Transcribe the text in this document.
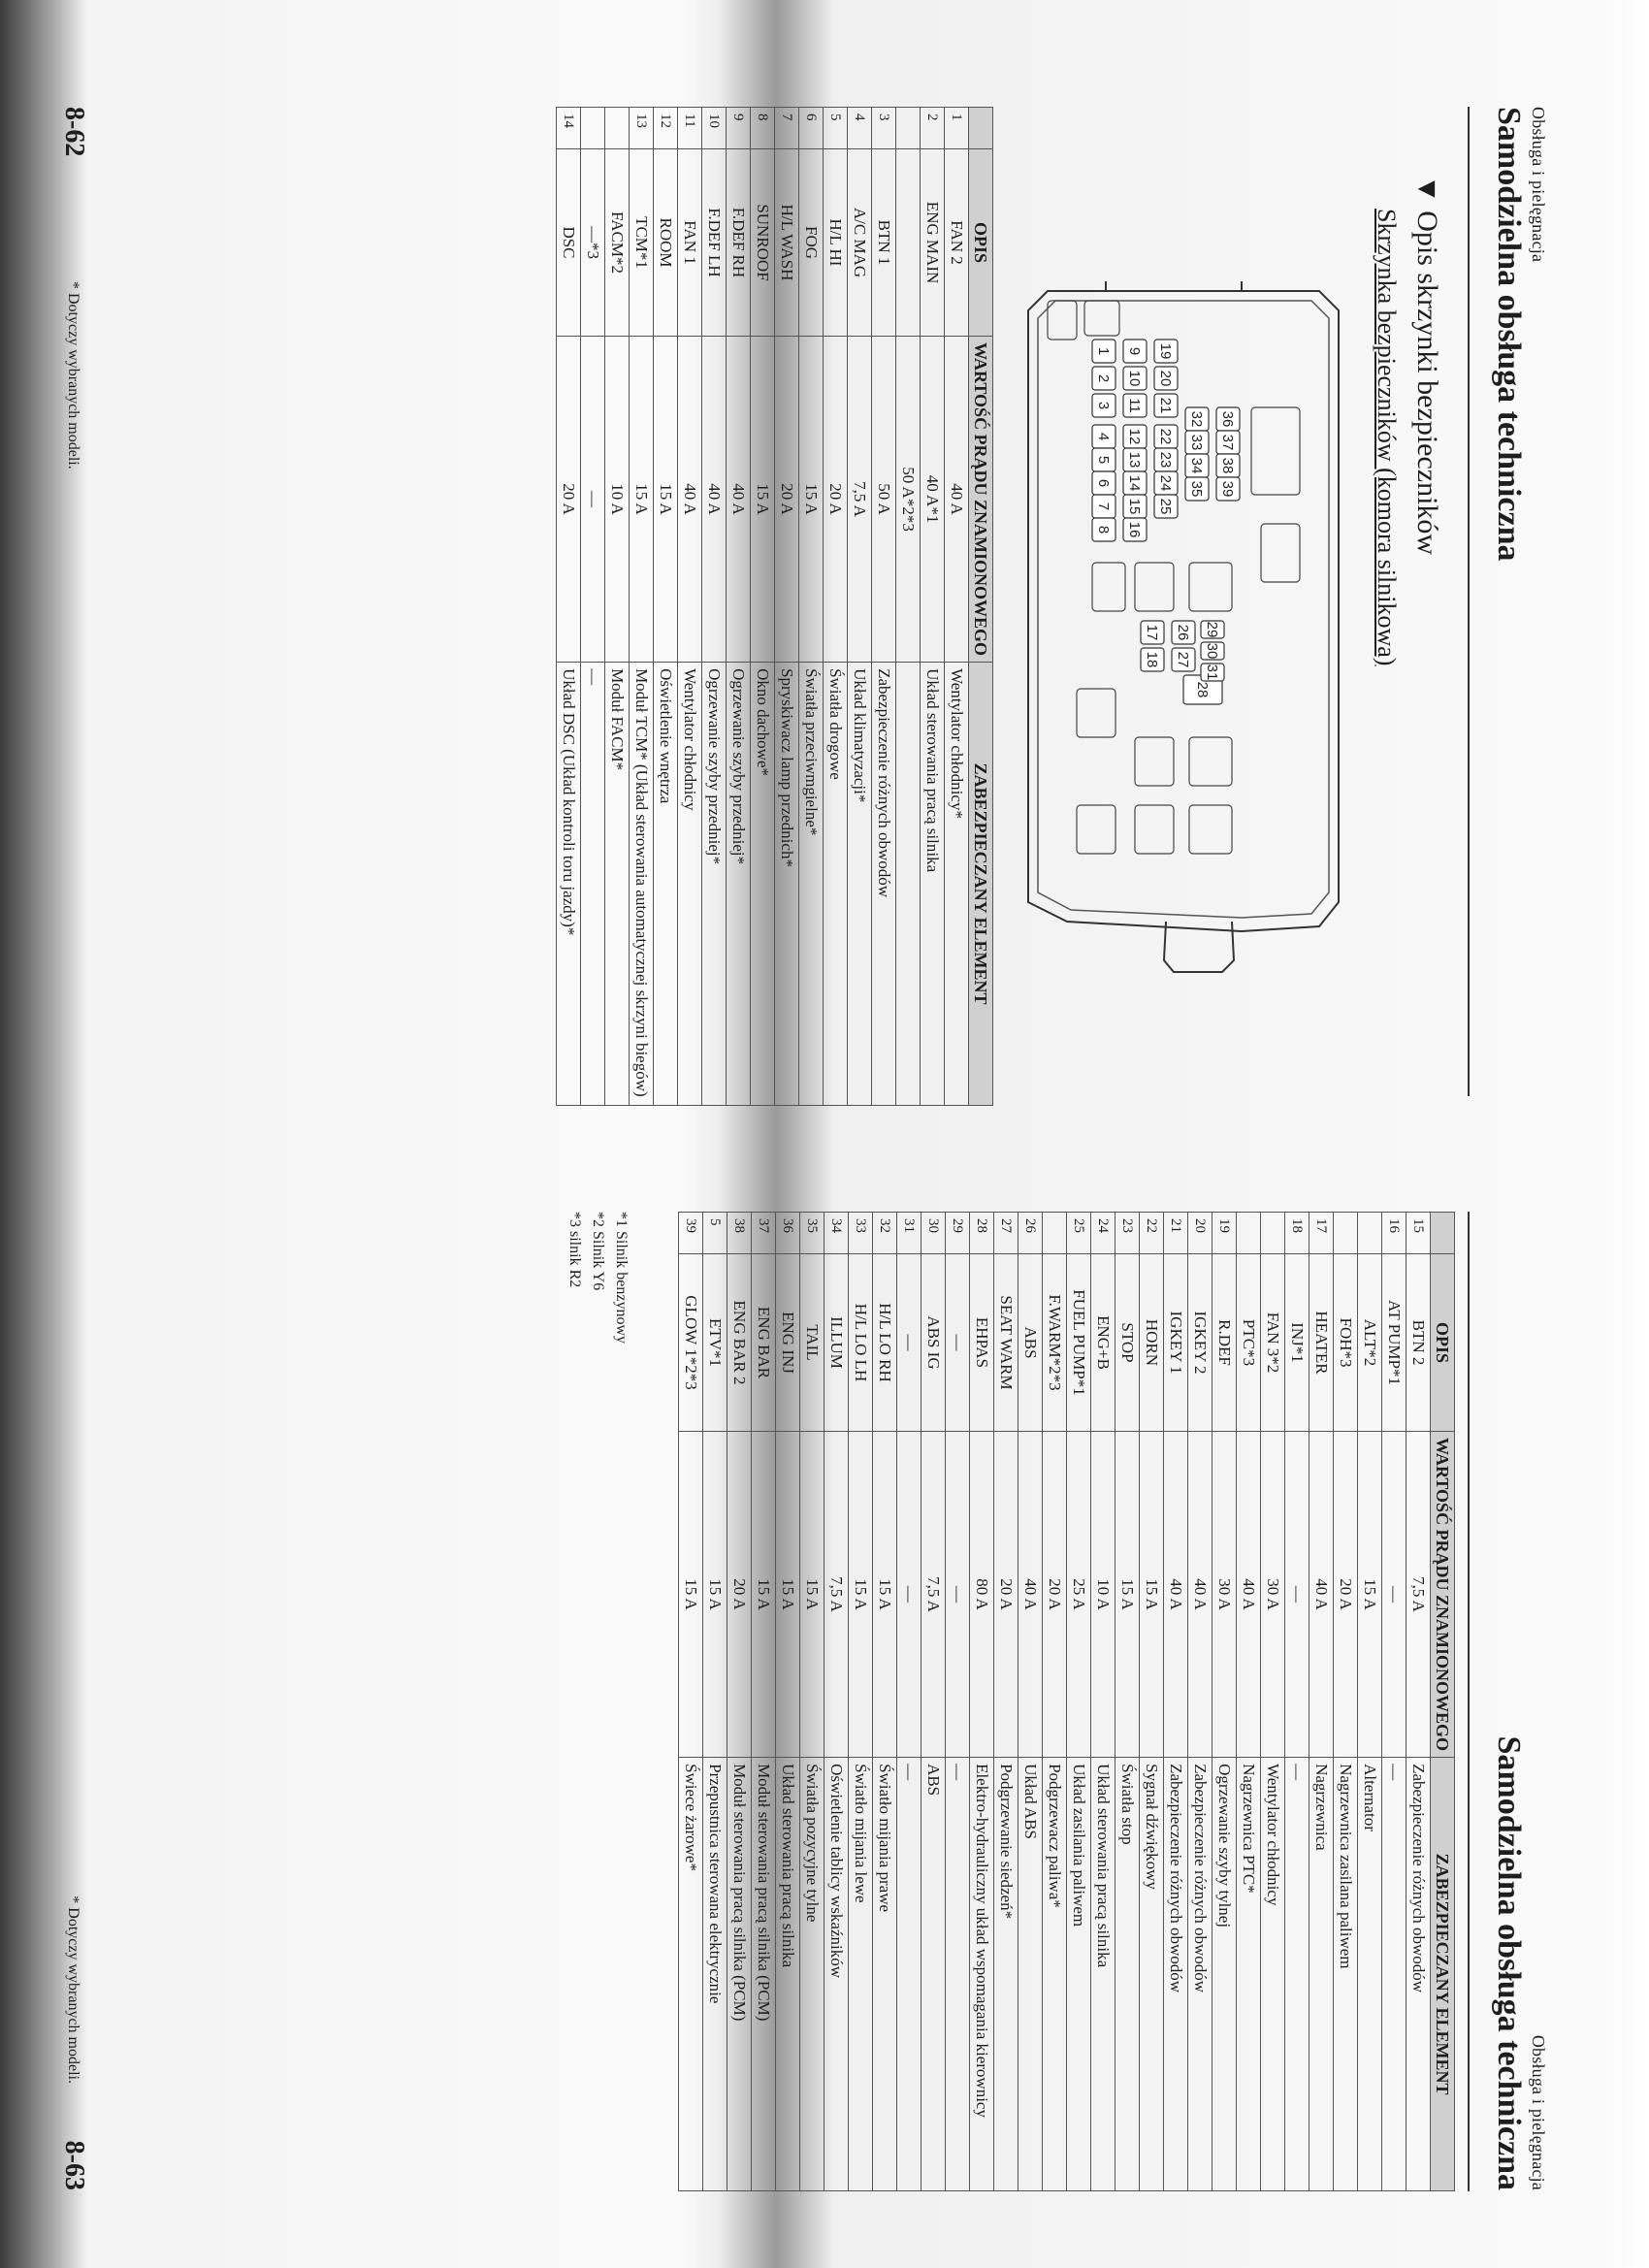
Obsługa i pielęgnacja
Samodzielna obsługa techniczna
▼ Opis skrzynki bezpieczników
Skrzynka bezpieczników (komora silnikowa)
1
2
3
4
5
6
7
8
9
10
11
12
13
14
15
16
17
18
19
20
21
22
23
24
25
26
27
28
29
30
31
32
33
34
35
36
37
38
39
	OPIS	WARTOŚĆ PRĄDU ZNAMIONOWEGO	ZABEZPIECZANY ELEMENT
1	FAN 2	40 A	Wentylator chłodnicy*
2	ENG MAIN	40 A*1	Układ sterowania pracą silnika
		50 A*2*3	
3	BTN 1	50 A	Zabezpieczenie różnych obwodów
4	A/C MAG	7,5 A	Układ klimatyzacji*
5	H/L HI	20 A	Światła drogowe
6	FOG	15 A	Światła przeciwmgielne*
7	H/L WASH	20 A	Spryskiwacz lamp przednich*
8	SUNROOF	15 A	Okno dachowe*
9	F.DEF RH	40 A	Ogrzewanie szyby przedniej*
10	F.DEF LH	40 A	Ogrzewanie szyby przedniej*
11	FAN 1	40 A	Wentylator chłodnicy
12	ROOM	15 A	Oświetlenie wnętrza
13	TCM*1	15 A	Moduł TCM* (Układ sterowania automatycznej skrzyni biegów)
	FACM*2	10 A	Moduł FACM*
	—*3	—	—
14	DSC	20 A	Układ DSC (Układ kontroli toru jazdy)*
8-62
* Dotyczy wybranych modeli.
Obsługa i pielęgnacja
Samodzielna obsługa techniczna
	OPIS	WARTOŚĆ PRĄDU ZNAMIONOWEGO	ZABEZPIECZANY ELEMENT
15	BTN 2	7,5 A	Zabezpieczenie różnych obwodów
16	AT PUMP*1	—	—
	ALT*2	15 A	Alternator
	FOH*3	20 A	Nagrzewnica zasilana paliwem
17	HEATER	40 A	Nagrzewnica
18	INJ*1	—	—
	FAN 3*2	30 A	Wentylator chłodnicy
	PTC*3	40 A	Nagrzewnica PTC*
19	R.DEF	30 A	Ogrzewanie szyby tylnej
20	IGKEY 2	40 A	Zabezpieczenie różnych obwodów
21	IGKEY 1	40 A	Zabezpieczenie różnych obwodów
22	HORN	15 A	Sygnał dźwiękowy
23	STOP	15 A	Światła stop
24	ENG+B	10 A	Układ sterowania pracą silnika
25	FUEL PUMP*1	25 A	Układ zasilania paliwem
	F.WARM*2*3	20 A	Podgrzewacz paliwa*
26	ABS	40 A	Układ ABS
27	SEAT WARM	20 A	Podgrzewanie siedzeń*
28	EHPAS	80 A	Elektro-hydrauliczny układ wspomagania kierownicy
29	—	—	—
30	ABS IG	7,5 A	ABS
31	—	—	—
32	H/L LO RH	15 A	Światło mijania prawe
33	H/L LO LH	15 A	Światło mijania lewe
34	ILLUM	7,5 A	Oświetlenie tablicy wskaźników
35	TAIL	15 A	Światła pozycyjne tylne
36	ENG INJ	15 A	Układ sterowania pracą silnika
37	ENG BAR	15 A	Moduł sterowania pracą silnika (PCM)
38	ENG BAR 2	20 A	Moduł sterowania pracą silnika (PCM)
5	ETV*1	15 A	Przepustnica sterowana elektrycznie
39	GLOW 1*2*3	15 A	Świece żarowe*
*1 Silnik benzynowy
*2 Silnik Y6
*3 silnik R2
* Dotyczy wybranych modeli.
8-63
